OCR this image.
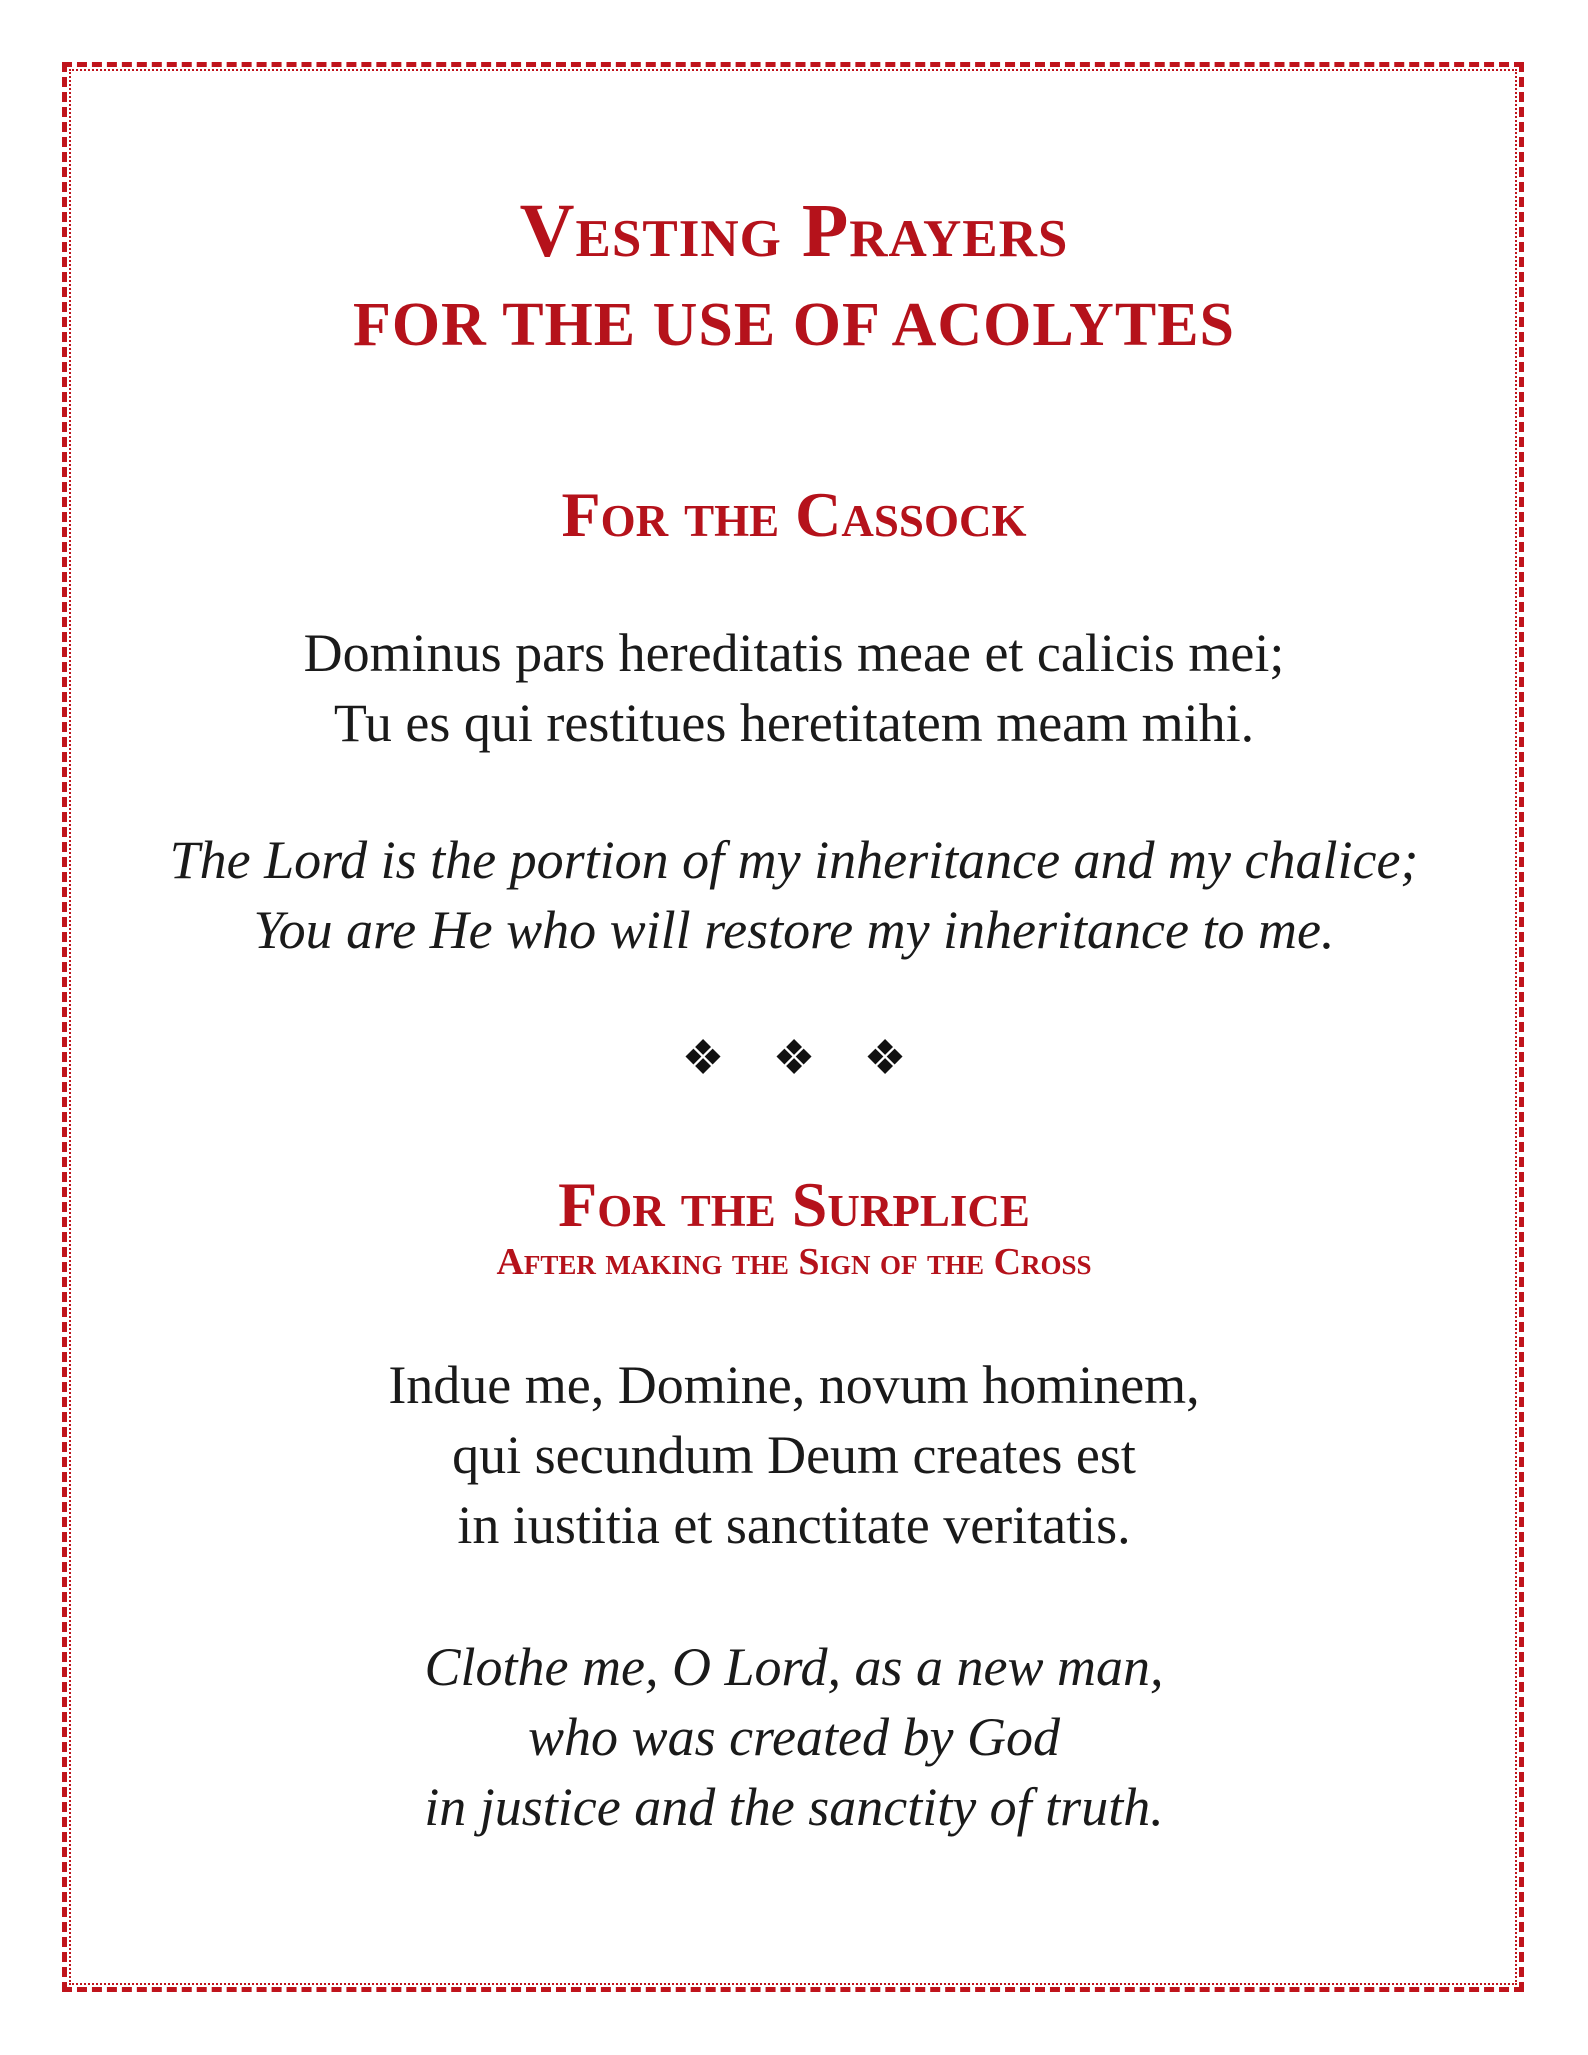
Vesting Prayers
FOR THE USE OF ACOLYTES
For the Cassock
Dominus pars hereditatis meae et calicis mei;
Tu es qui restitues heretitatem meam mihi.
The Lord is the portion of my inheritance and my chalice;
You are He who will restore my inheritance to me.
❖❖❖
For the Surplice
After making the Sign of the Cross
Indue me, Domine, novum hominem,
qui secundum Deum creates est
in iustitia et sanctitate veritatis.
Clothe me, O Lord, as a new man,
who was created by God
in justice and the sanctity of truth.
